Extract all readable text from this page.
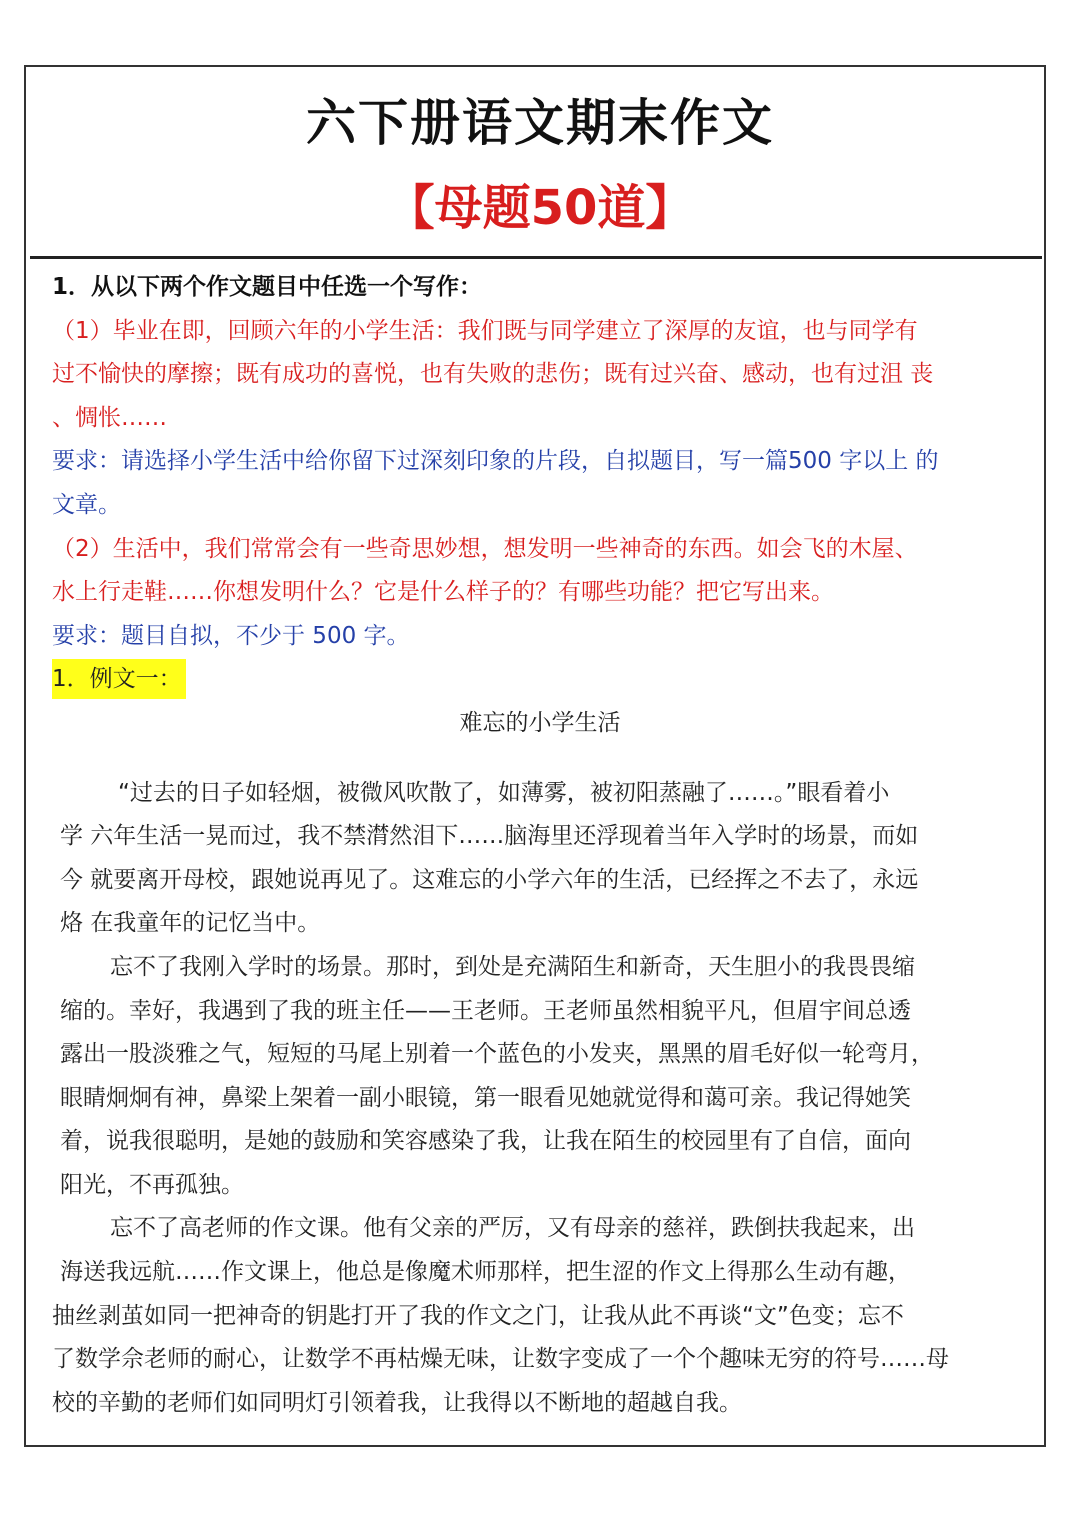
六下册语文期末作文
【母题50道】
1．从以下两个作文题目中任选一个写作：
（1）毕业在即，回顾六年的小学生活：我们既与同学建立了深厚的友谊，也与同学有
过不愉快的摩擦；既有成功的喜悦，也有失败的悲伤；既有过兴奋、感动，也有过沮 丧
、惆怅……
要求：请选择小学生活中给你留下过深刻印象的片段，自拟题目，写一篇500 字以上 的
文章。
（2）生活中，我们常常会有一些奇思妙想，想发明一些神奇的东西。如会飞的木屋、
水上行走鞋……你想发明什么？它是什么样子的？有哪些功能？把它写出来。
要求：题目自拟，不少于 500 字。
1．例文一：
难忘的小学生活
“过去的日子如轻烟，被微风吹散了，如薄雾，被初阳蒸融了……。”眼看着小
学 六年生活一晃而过，我不禁潸然泪下……脑海里还浮现着当年入学时的场景，而如
今 就要离开母校，跟她说再见了。这难忘的小学六年的生活，已经挥之不去了，永远
烙 在我童年的记忆当中。
忘不了我刚入学时的场景。那时，到处是充满陌生和新奇，天生胆小的我畏畏缩
缩的。幸好，我遇到了我的班主任——王老师。王老师虽然相貌平凡，但眉宇间总透
露出一股淡雅之气，短短的马尾上别着一个蓝色的小发夹，黑黑的眉毛好似一轮弯月，
眼睛炯炯有神，鼻梁上架着一副小眼镜，第一眼看见她就觉得和蔼可亲。我记得她笑
着，说我很聪明，是她的鼓励和笑容感染了我，让我在陌生的校园里有了自信，面向
阳光，不再孤独。
忘不了高老师的作文课。他有父亲的严厉，又有母亲的慈祥，跌倒扶我起来，出
海送我远航……作文课上，他总是像魔术师那样，把生涩的作文上得那么生动有趣，
抽丝剥茧如同一把神奇的钥匙打开了我的作文之门，让我从此不再谈“文”色变；忘不
了数学佘老师的耐心，让数学不再枯燥无味，让数字变成了一个个趣味无穷的符号……母
校的辛勤的老师们如同明灯引领着我，让我得以不断地的超越自我。
